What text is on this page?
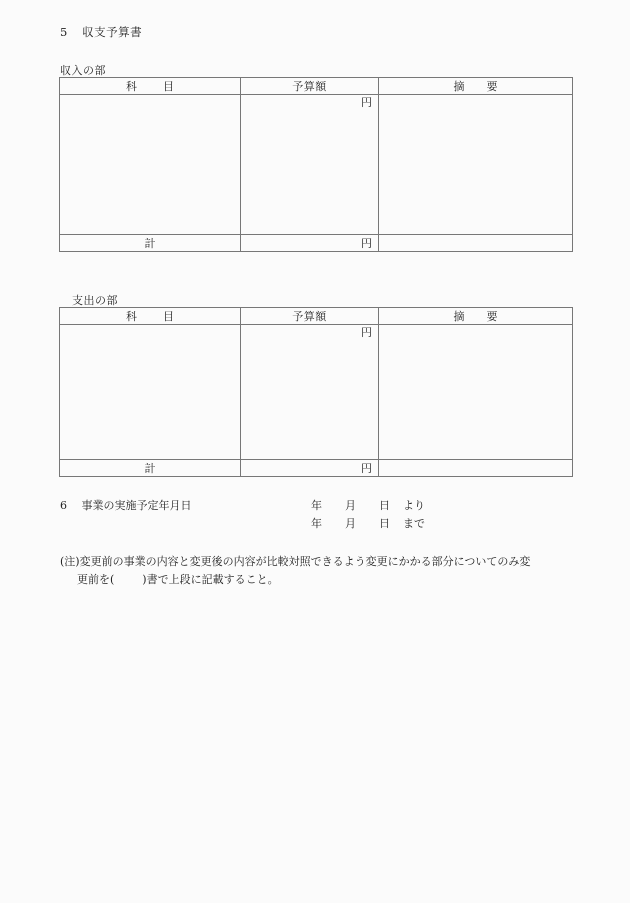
5 収支予算書
収入の部
科目	予算額	摘要
	円	
計	円	
支出の部
科目	予算額	摘要
	円	
計	円	
6 事業の実施予定年月日	年 月 日 より
年 月 日 まで
(注)変更前の事業の内容と変更後の内容が比較対照できるよう変更にかかる部分についてのみ変
更前を(	)書で上段に記載すること。
